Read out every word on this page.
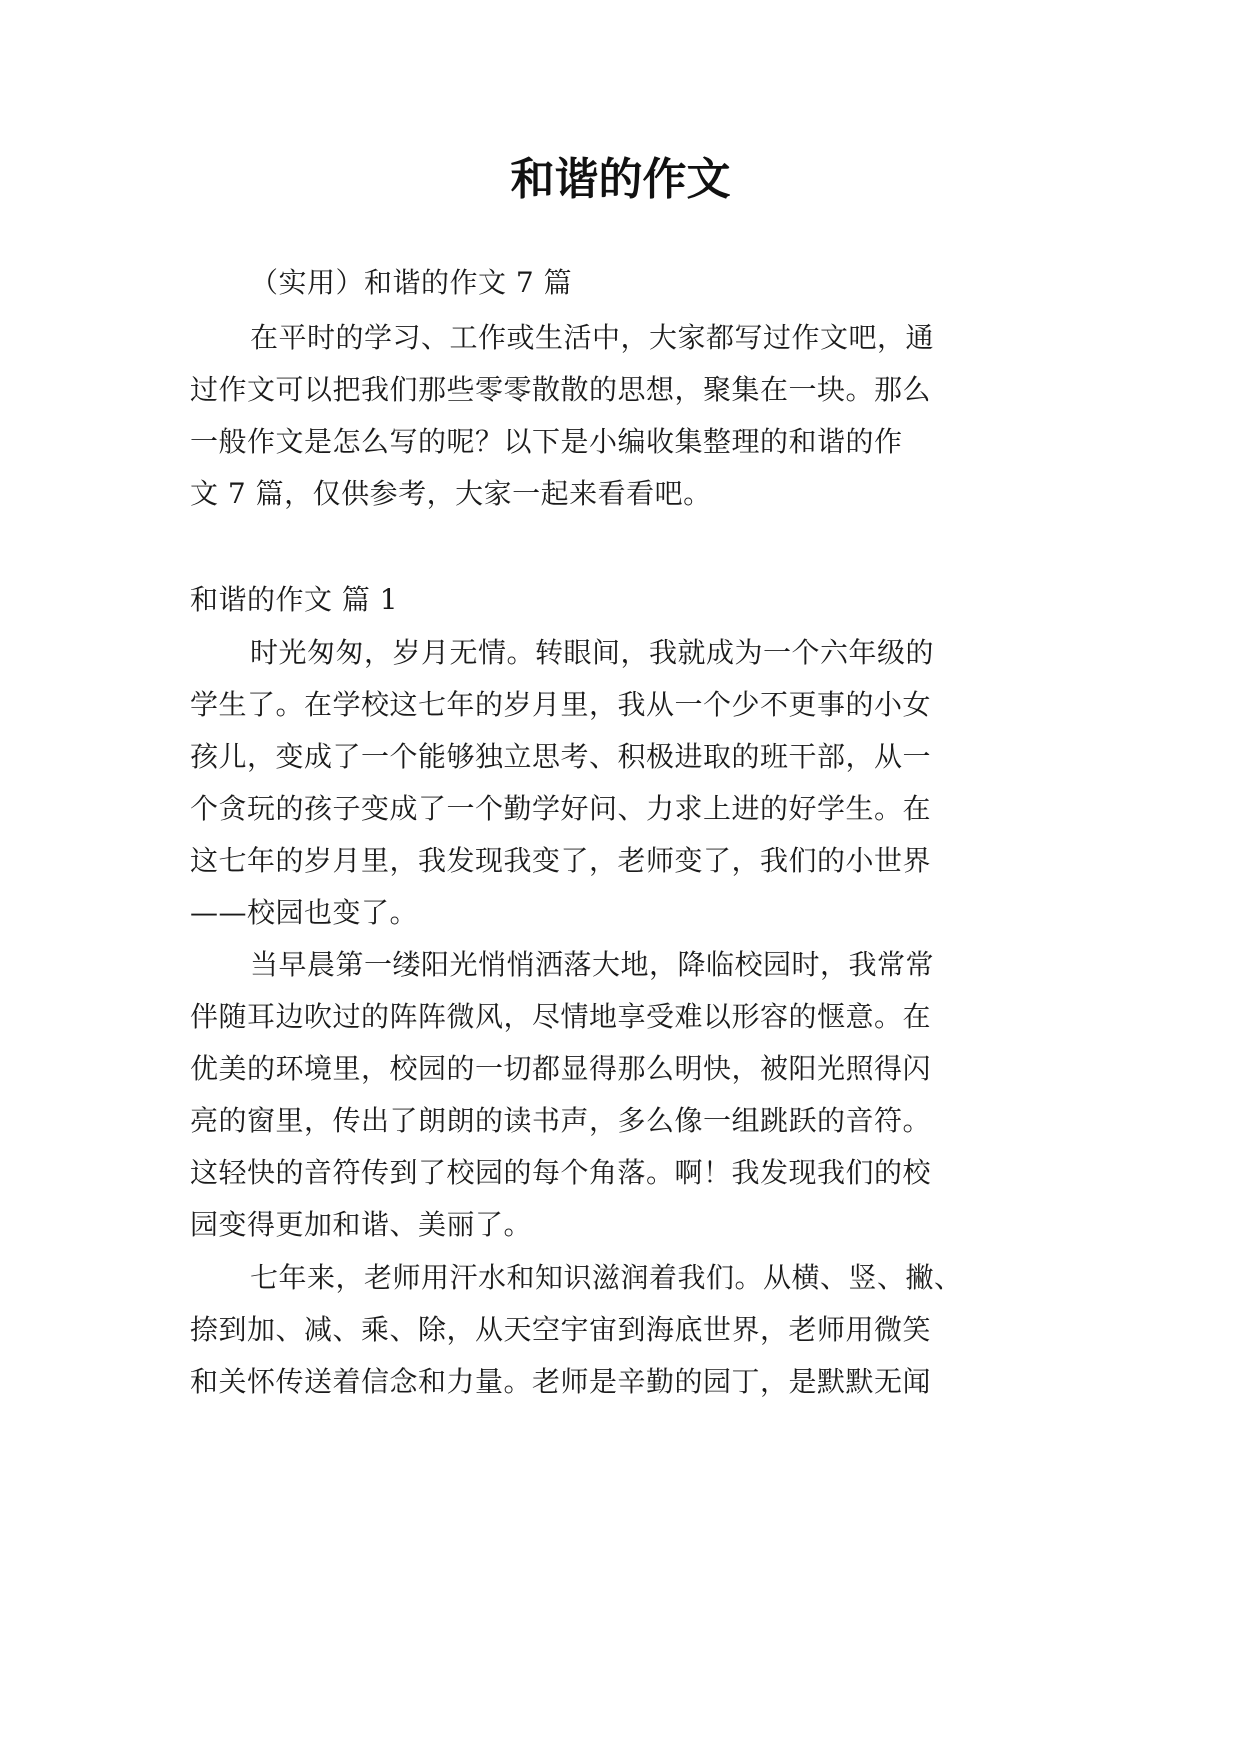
和谐的作文
（实用）和谐的作文 7 篇
在平时的学习、工作或生活中，大家都写过作文吧，通
过作文可以把我们那些零零散散的思想，聚集在一块。那么
一般作文是怎么写的呢？以下是小编收集整理的和谐的作
文 7 篇，仅供参考，大家一起来看看吧。
和谐的作文 篇 1
时光匆匆，岁月无情。转眼间，我就成为一个六年级的
学生了。在学校这七年的岁月里，我从一个少不更事的小女
孩儿，变成了一个能够独立思考、积极进取的班干部，从一
个贪玩的孩子变成了一个勤学好问、力求上进的好学生。在
这七年的岁月里，我发现我变了，老师变了，我们的小世界
——校园也变了。
当早晨第一缕阳光悄悄洒落大地，降临校园时，我常常
伴随耳边吹过的阵阵微风，尽情地享受难以形容的惬意。在
优美的环境里，校园的一切都显得那么明快，被阳光照得闪
亮的窗里，传出了朗朗的读书声，多么像一组跳跃的音符。
这轻快的音符传到了校园的每个角落。啊！我发现我们的校
园变得更加和谐、美丽了。
七年来，老师用汗水和知识滋润着我们。从横、竖、撇、
捺到加、减、乘、除，从天空宇宙到海底世界，老师用微笑
和关怀传送着信念和力量。老师是辛勤的园丁，是默默无闻
